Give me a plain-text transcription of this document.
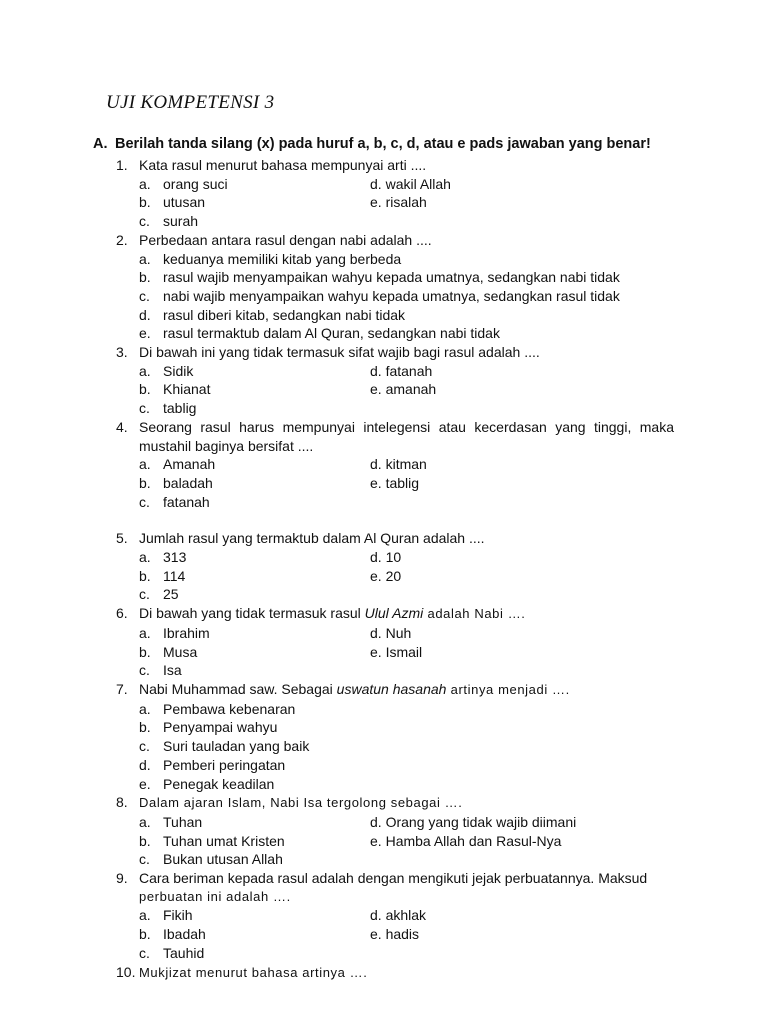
UJI KOMPETENSI 3
A. Berilah tanda silang (x) pada huruf a, b, c, d, atau e pads jawaban yang benar!
1. Kata rasul menurut bahasa mempunyai arti ....
a. orang suci	d. wakil Allah
b. utusan	e. risalah
c. surah
2. Perbedaan antara rasul dengan nabi adalah ....
a. keduanya memiliki kitab yang berbeda
b. rasul wajib menyampaikan wahyu kepada umatnya, sedangkan nabi tidak
c. nabi wajib menyampaikan wahyu kepada umatnya, sedangkan rasul tidak
d. rasul diberi kitab, sedangkan nabi tidak
e. rasul termaktub dalam Al Quran, sedangkan nabi tidak
3. Di bawah ini yang tidak termasuk sifat wajib bagi rasul adalah ....
a. Sidik	d. fatanah
b. Khianat	e. amanah
c. tablig
4. Seorang rasul harus mempunyai intelegensi atau kecerdasan yang tinggi, maka mustahil baginya bersifat ....
a. Amanah	d. kitman
b. baladah	e. tablig
c. fatanah
5. Jumlah rasul yang termaktub dalam Al Quran adalah ....
a. 313	d. 10
b. 114	e. 20
c. 25
6. Di bawah yang tidak termasuk rasul Ulul Azmi adalah Nabi ….
a. Ibrahim	d. Nuh
b. Musa	e. Ismail
c. Isa
7. Nabi Muhammad saw. Sebagai uswatun hasanah artinya menjadi ….
a. Pembawa kebenaran
b. Penyampai wahyu
c. Suri tauladan yang baik
d. Pemberi peringatan
e. Penegak keadilan
8. Dalam ajaran Islam, Nabi Isa tergolong sebagai ….
a. Tuhan	d. Orang yang tidak wajib diimani
b. Tuhan umat Kristen	e. Hamba Allah dan Rasul-Nya
c. Bukan utusan Allah
9. Cara beriman kepada rasul adalah dengan mengikuti jejak perbuatannya. Maksud
perbuatan ini adalah ….
a. Fikih	d. akhlak
b. Ibadah	e. hadis
c. Tauhid
10. Mukjizat menurut bahasa artinya ….
